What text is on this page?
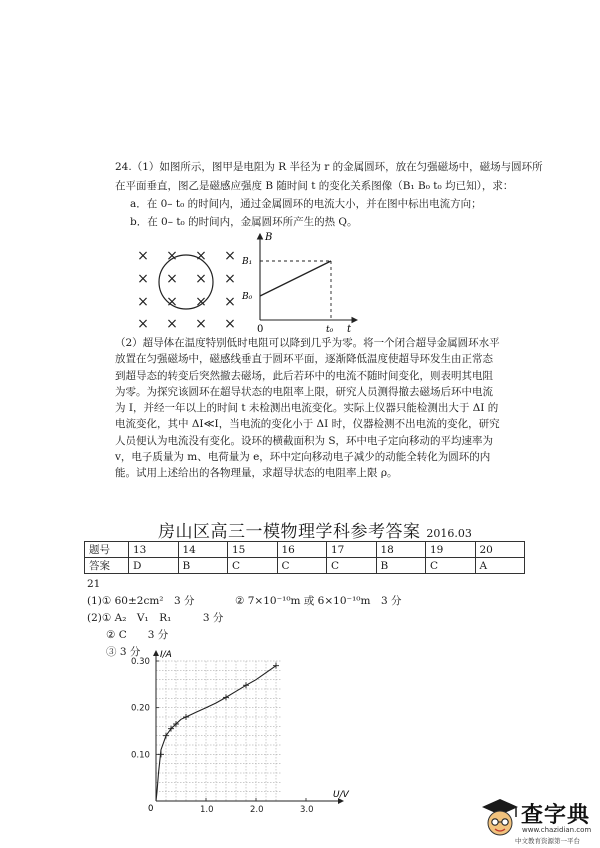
24.（1）如图所示，图甲是电阻为 R 半径为 r 的金属圆环，放在匀强磁场中，磁场与圆环所
在平面垂直，图乙是磁感应强度 B 随时间 t 的变化关系图像（B₁ B₀ t₀ 均已知），求：
a．在 0– t₀ 的时间内，通过金属圆环的电流大小，并在图中标出电流方向；
b．在 0– t₀ 的时间内，金属圆环所产生的热 Q。
× × × ×
× × × ×
× × × ×
× × × ×
B
B₁
B₀
0	t₀ t
（2）超导体在温度特别低时电阻可以降到几乎为零。将一个闭合超导金属圆环水平放置在匀强磁场中，磁感线垂直于圆环平面，逐渐降低温度使超导环发生由正常态到超导态的转变后突然撤去磁场，此后若环中的电流不随时间变化，则表明其电阻为零。为探究该圆环在超导状态的电阻率上限，研究人员测得撤去磁场后环中电流为 I，并经一年以上的时间 t 未检测出电流变化。实际上仪器只能检测出大于 ΔI 的电流变化，其中 ΔI≪I，当电流的变化小于 ΔI 时，仪器检测不出电流的变化，研究人员便认为电流没有变化。设环的横截面积为 S，环中电子定向移动的平均速率为 v，电子质量为 m、电荷量为 e，环中定向移动电子减少的动能全转化为圆环的内能。试用上述给出的各物理量，求超导状态的电阻率上限 ρ。
房山区高三一模物理学科参考答案 2016.03
题号	13	14	15	16	17	18	19	20
答案	D	B	C	C	C	B	C	A
21
(1)① 60±2cm²　3 分	② 7×10⁻¹⁰m 或 6×10⁻¹⁰m　3 分
(2)① A₂　V₁　R₁　　　3 分
② C　　3 分
③ 3 分
0.10
0.20
0.30
1.0	2.0	3.0
I/A
U/V
0	查字典
www.chazidian.com
中文教育资源第一平台
